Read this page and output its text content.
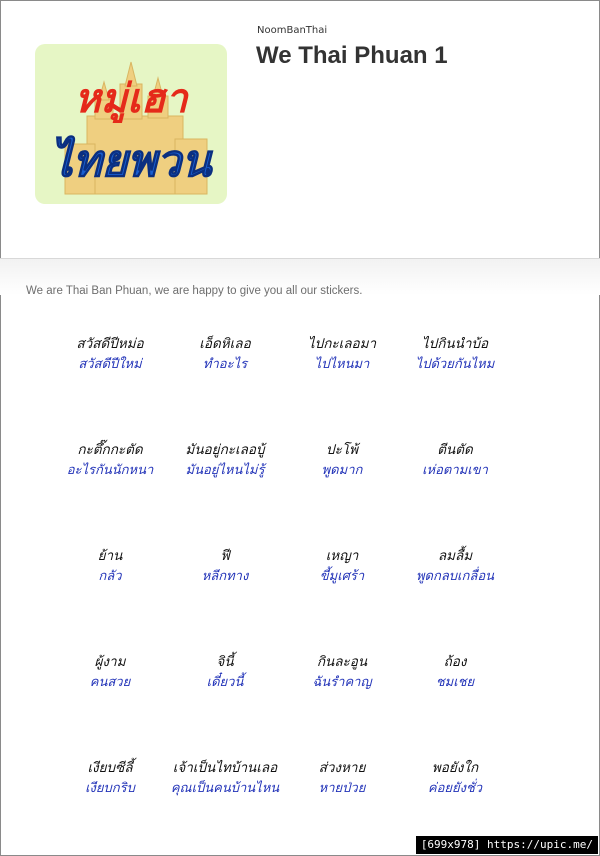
หมู่เฮา
ไทยพวน
NoomBanThai
We Thai Phuan 1
We are Thai Ban Phuan, we are happy to give you all our stickers.
สวัสดีปีหม่อ
สวัสดีปีใหม่
เอ็ดหิเลอ
ทำอะไร
ไปกะเลอมา
ไปไหนมา
ไปกินนำบ้อ
ไปด้วยกันไหม
กะตึ๊กกะตัด
อะไรกันนักหนา
มันอยู่กะเลอบู้
มันอยู่ไหนไม่รู้
ปะโพ้
พูดมาก
ตีนตัด
เห่อตามเขา
ย้าน
กลัว
ฟี
หลีกทาง
เหญา
ขี้มูเศร้า
ลมลื้ม
พูดกลบเกลื่อน
ผู้งาม
คนสวย
จินี้
เดี๋ยวนี้
กินละอูน
ฉันรำคาญ
ถ้อง
ชมเชย
เงียบซีลี้
เงียบกริบ
เจ้าเป็นไทบ้านเลอ
คุณเป็นคนบ้านไหน
ส่วงหาย
หายป่วย
พอยังใก
ค่อยยังชั่ว
[699x978] https://upic.me/
